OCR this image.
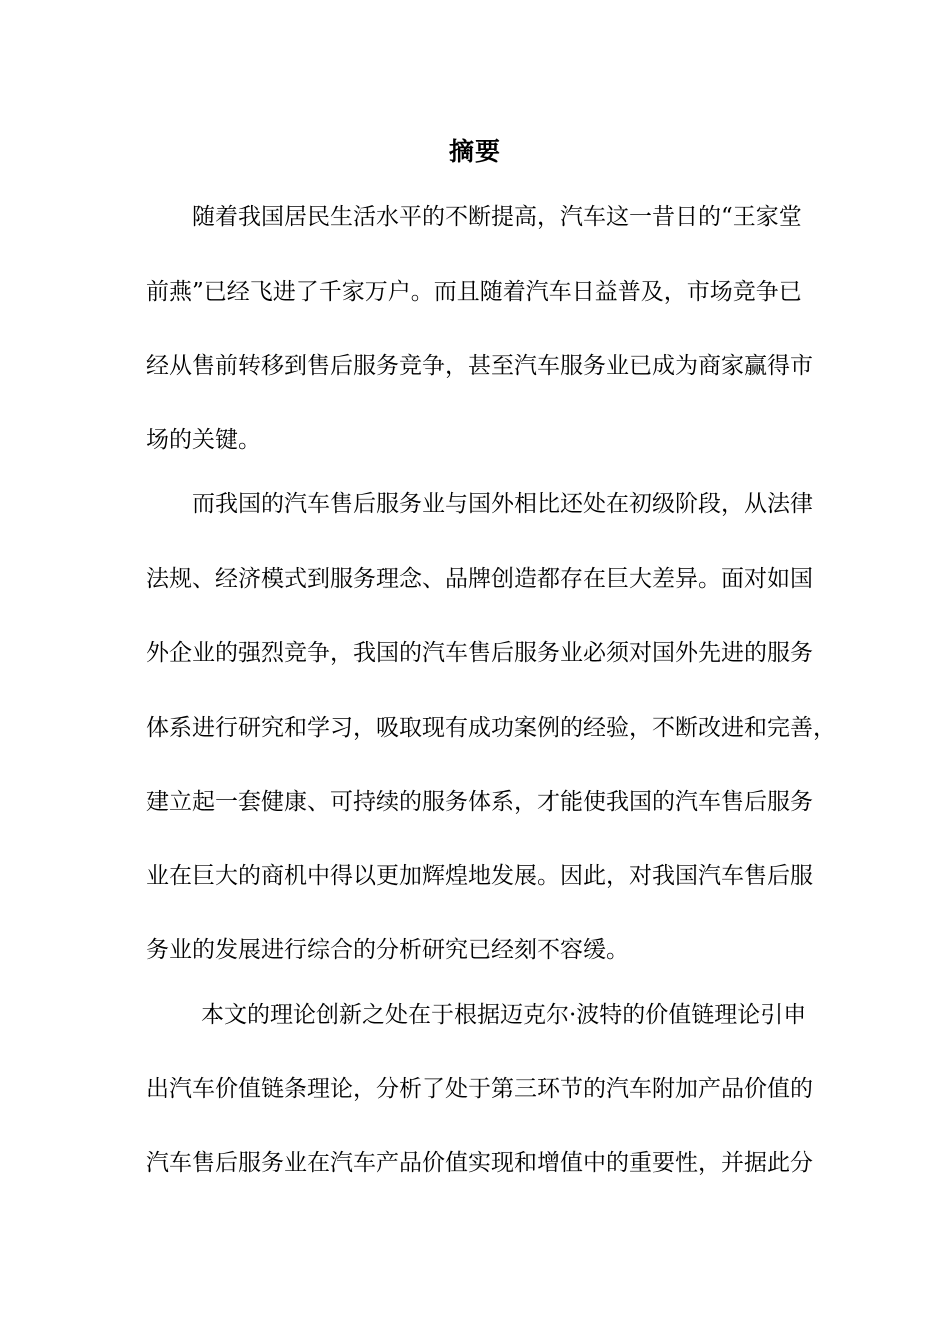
摘要
随着我国居民生活水平的不断提高，汽车这一昔日的“王家堂
前燕”已经飞进了千家万户。而且随着汽车日益普及，市场竞争已
经从售前转移到售后服务竞争，甚至汽车服务业已成为商家赢得市
场的关键。
而我国的汽车售后服务业与国外相比还处在初级阶段，从法律
法规、经济模式到服务理念、品牌创造都存在巨大差异。面对如国
外企业的强烈竞争，我国的汽车售后服务业必须对国外先进的服务
体系进行研究和学习，吸取现有成功案例的经验，不断改进和完善，
建立起一套健康、可持续的服务体系，才能使我国的汽车售后服务
业在巨大的商机中得以更加辉煌地发展。因此，对我国汽车售后服
务业的发展进行综合的分析研究已经刻不容缓。
本文的理论创新之处在于根据迈克尔·波特的价值链理论引申
出汽车价值链条理论，分析了处于第三环节的汽车附加产品价值的
汽车售后服务业在汽车产品价值实现和增值中的重要性，并据此分
